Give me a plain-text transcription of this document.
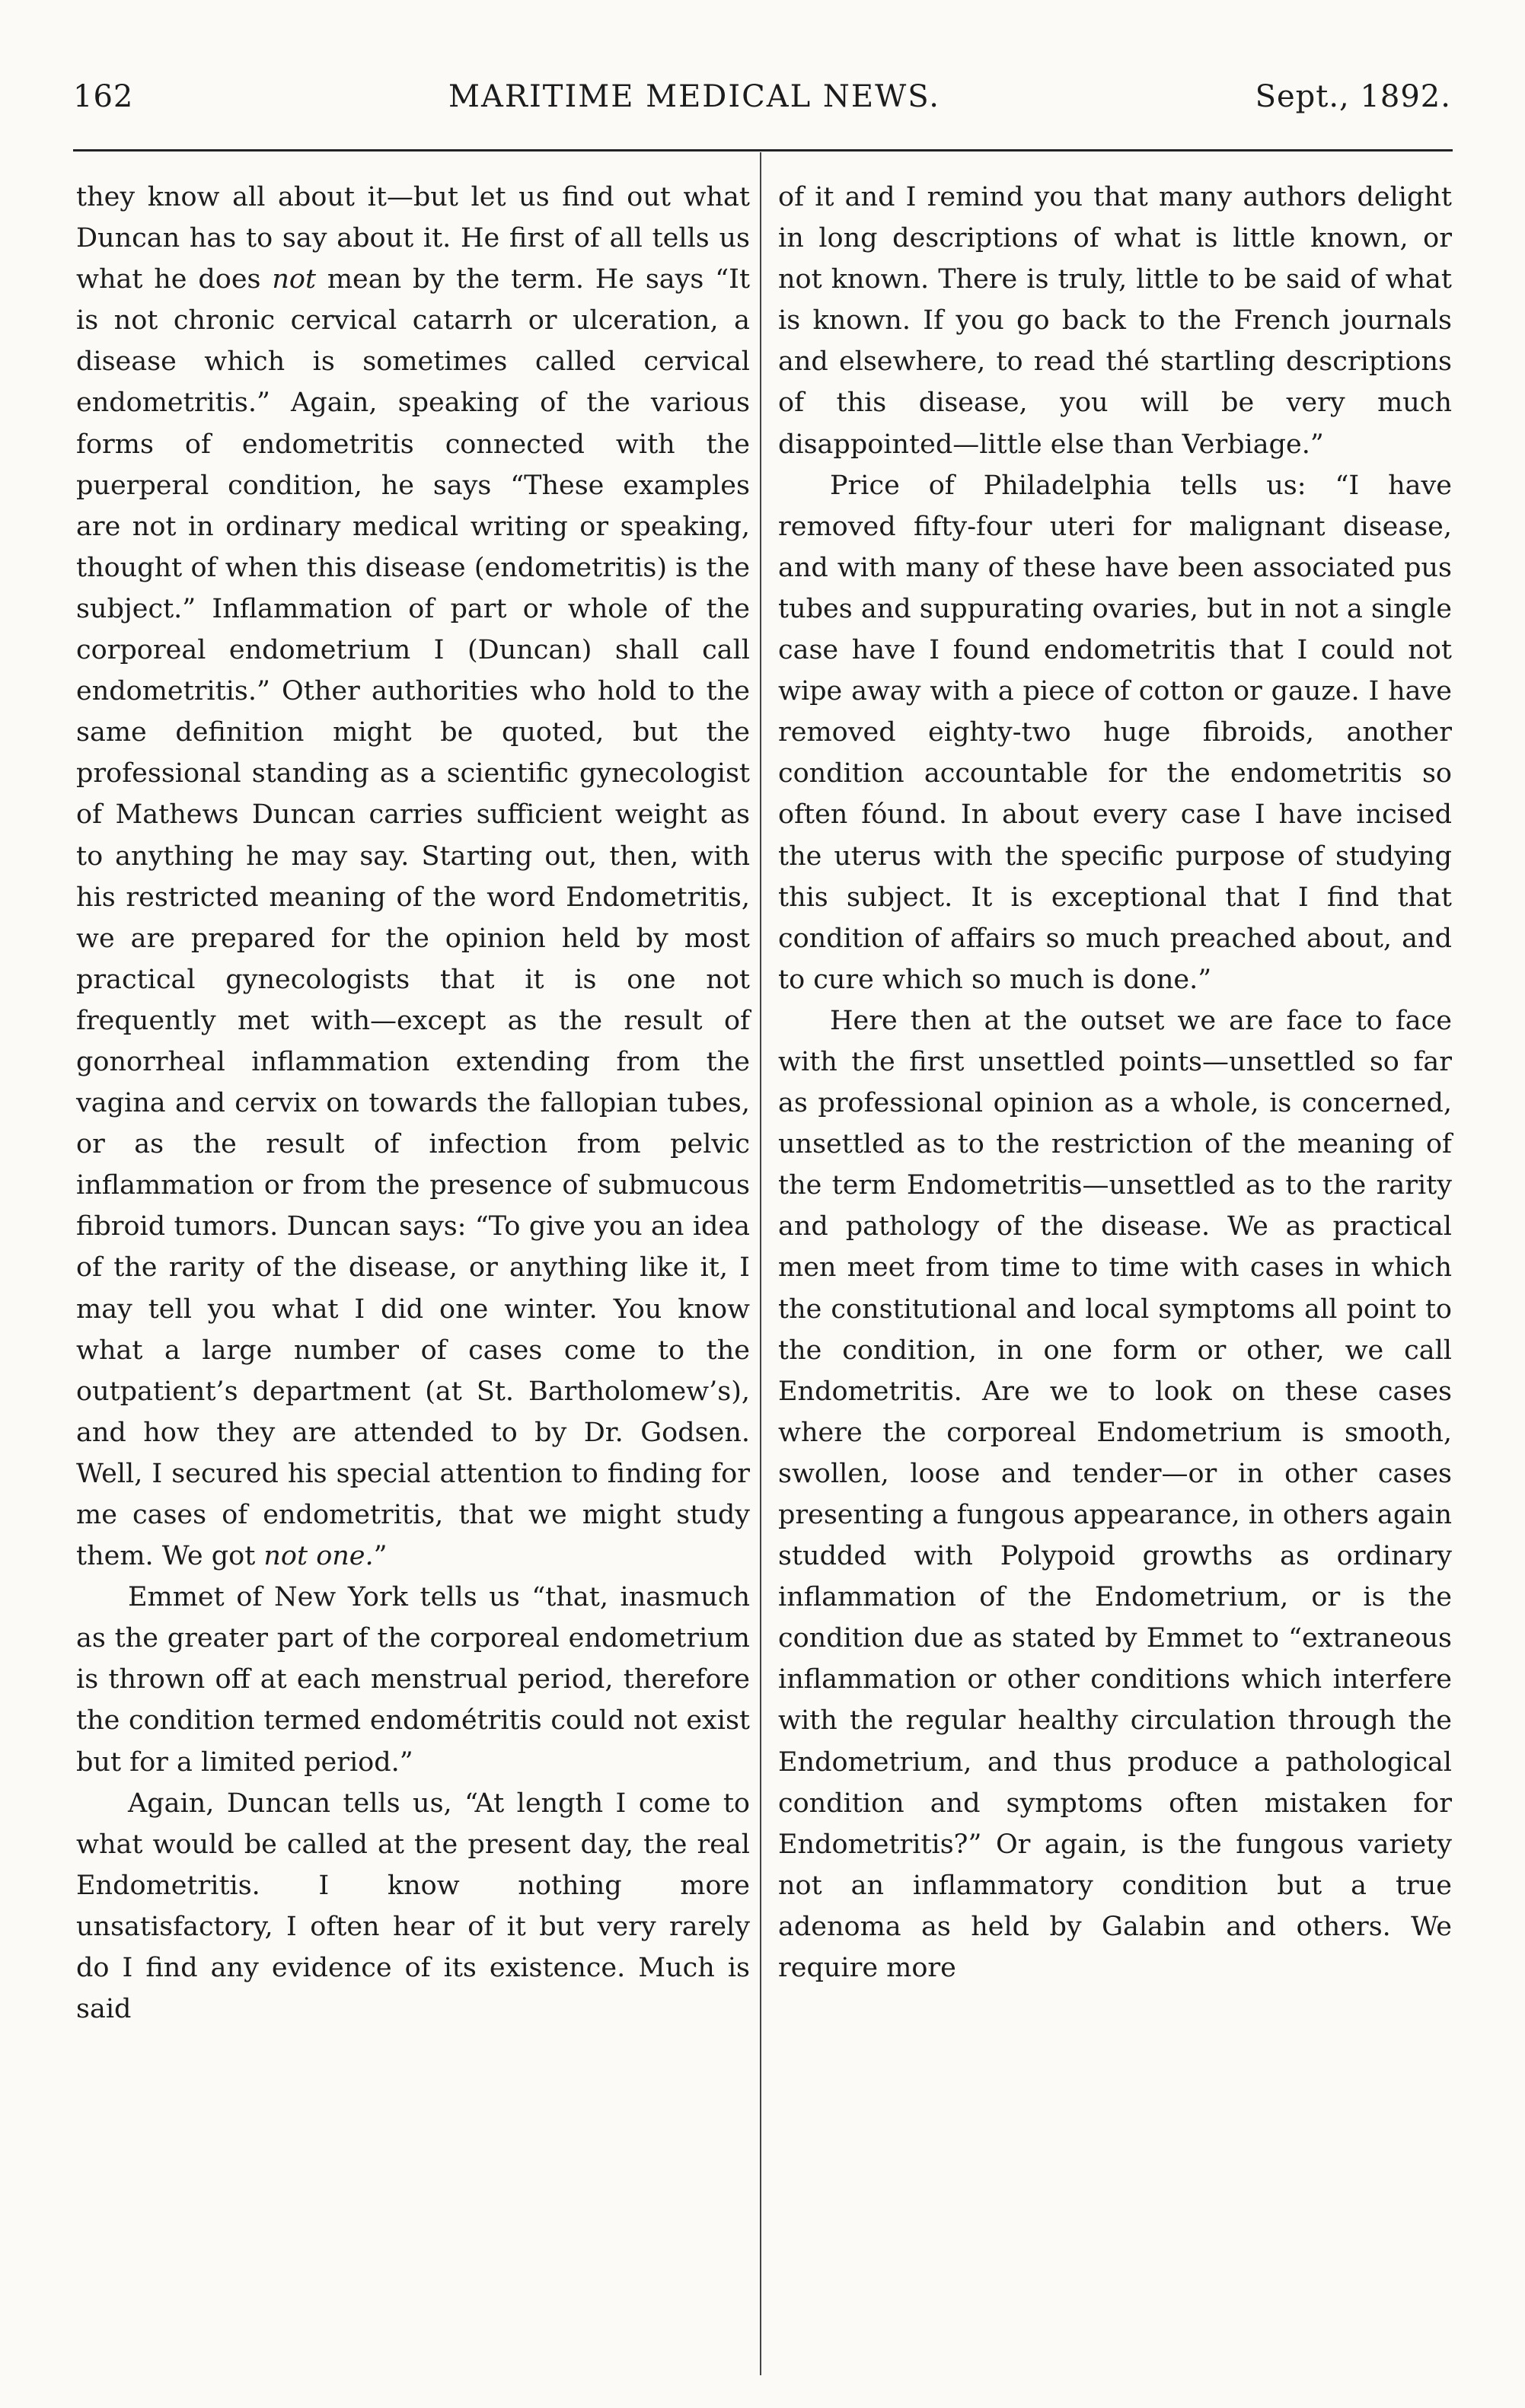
162	MARITIME MEDICAL NEWS.	Sept., 1892.

they know all about it—but let us find out what Duncan has to say about it. He first of all tells us what he does not mean by the term. He says “It is not chronic cervical catarrh or ulceration, a disease which is sometimes called cervical endometritis.” Again, speaking of the various forms of endometritis connected with the puerperal condition, he says “These examples are not in ordinary medical writing or speaking, thought of when this disease (endometritis) is the subject.” Inflammation of part or whole of the corporeal endometrium I (Duncan) shall call endometritis.” Other authorities who hold to the same definition might be quoted, but the professional standing as a scientific gynecologist of Mathews Duncan carries sufficient weight as to anything he may say. Starting out, then, with his restricted meaning of the word Endometritis, we are prepared for the opinion held by most practical gynecologists that it is one not frequently met with—except as the result of gonorrheal inflammation extending from the vagina and cervix on towards the fallopian tubes, or as the result of infection from pelvic inflammation or from the presence of submucous fibroid tumors. Duncan says: “To give you an idea of the rarity of the disease, or anything like it, I may tell you what I did one winter. You know what a large number of cases come to the outpatient’s department (at St. Bartholomew’s), and how they are attended to by Dr. Godsen. Well, I secured his special attention to finding for me cases of endometritis, that we might study them. We got not one.”

Emmet of New York tells us “that, inasmuch as the greater part of the corporeal endometrium is thrown off at each menstrual period, therefore the condition termed endométritis could not exist but for a limited period.”

Again, Duncan tells us, “At length I come to what would be called at the present day, the real Endometritis. I know nothing more unsatisfactory, I often hear of it but very rarely do I find any evidence of its existence. Much is said

of it and I remind you that many authors delight in long descriptions of what is little known, or not known. There is truly, little to be said of what is known. If you go back to the French journals and elsewhere, to read thé startling descriptions of this disease, you will be very much disappointed—little else than Verbiage.”

Price of Philadelphia tells us: “I have removed fifty-four uteri for malignant disease, and with many of these have been associated pus tubes and suppurating ovaries, but in not a single case have I found endometritis that I could not wipe away with a piece of cotton or gauze. I have removed eighty-two huge fibroids, another condition accountable for the endometritis so often fóund. In about every case I have incised the uterus with the specific purpose of studying this subject. It is exceptional that I find that condition of affairs so much preached about, and to cure which so much is done.”

Here then at the outset we are face to face with the first unsettled points—unsettled so far as professional opinion as a whole, is concerned, unsettled as to the restriction of the meaning of the term Endometritis—unsettled as to the rarity and pathology of the disease. We as practical men meet from time to time with cases in which the constitutional and local symptoms all point to the condition, in one form or other, we call Endometritis. Are we to look on these cases where the corporeal Endometrium is smooth, swollen, loose and tender—or in other cases presenting a fungous appearance, in others again studded with Polypoid growths as ordinary inflammation of the Endometrium, or is the condition due as stated by Emmet to “extraneous inflammation or other conditions which interfere with the regular healthy circulation through the Endometrium, and thus produce a pathological condition and symptoms often mistaken for Endometritis?” Or again, is the fungous variety not an inflammatory condition but a true adenoma as held by Galabin and others. We require more
